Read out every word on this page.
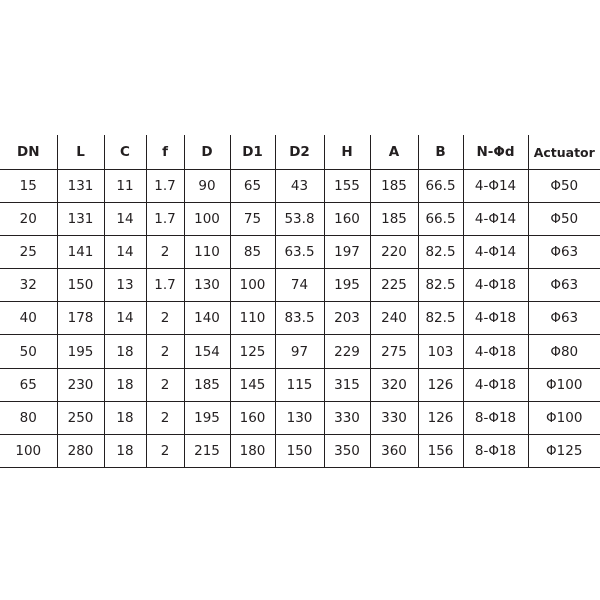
DN	L	C	f	D	D1	D2	H	A	B	N-Φd	Actuator
15	131	11	1.7	90	65	43	155	185	66.5	4-Φ14	Φ50
20	131	14	1.7	100	75	53.8	160	185	66.5	4-Φ14	Φ50
25	141	14	2	110	85	63.5	197	220	82.5	4-Φ14	Φ63
32	150	13	1.7	130	100	74	195	225	82.5	4-Φ18	Φ63
40	178	14	2	140	110	83.5	203	240	82.5	4-Φ18	Φ63
50	195	18	2	154	125	97	229	275	103	4-Φ18	Φ80
65	230	18	2	185	145	115	315	320	126	4-Φ18	Φ100
80	250	18	2	195	160	130	330	330	126	8-Φ18	Φ100
100	280	18	2	215	180	150	350	360	156	8-Φ18	Φ125
